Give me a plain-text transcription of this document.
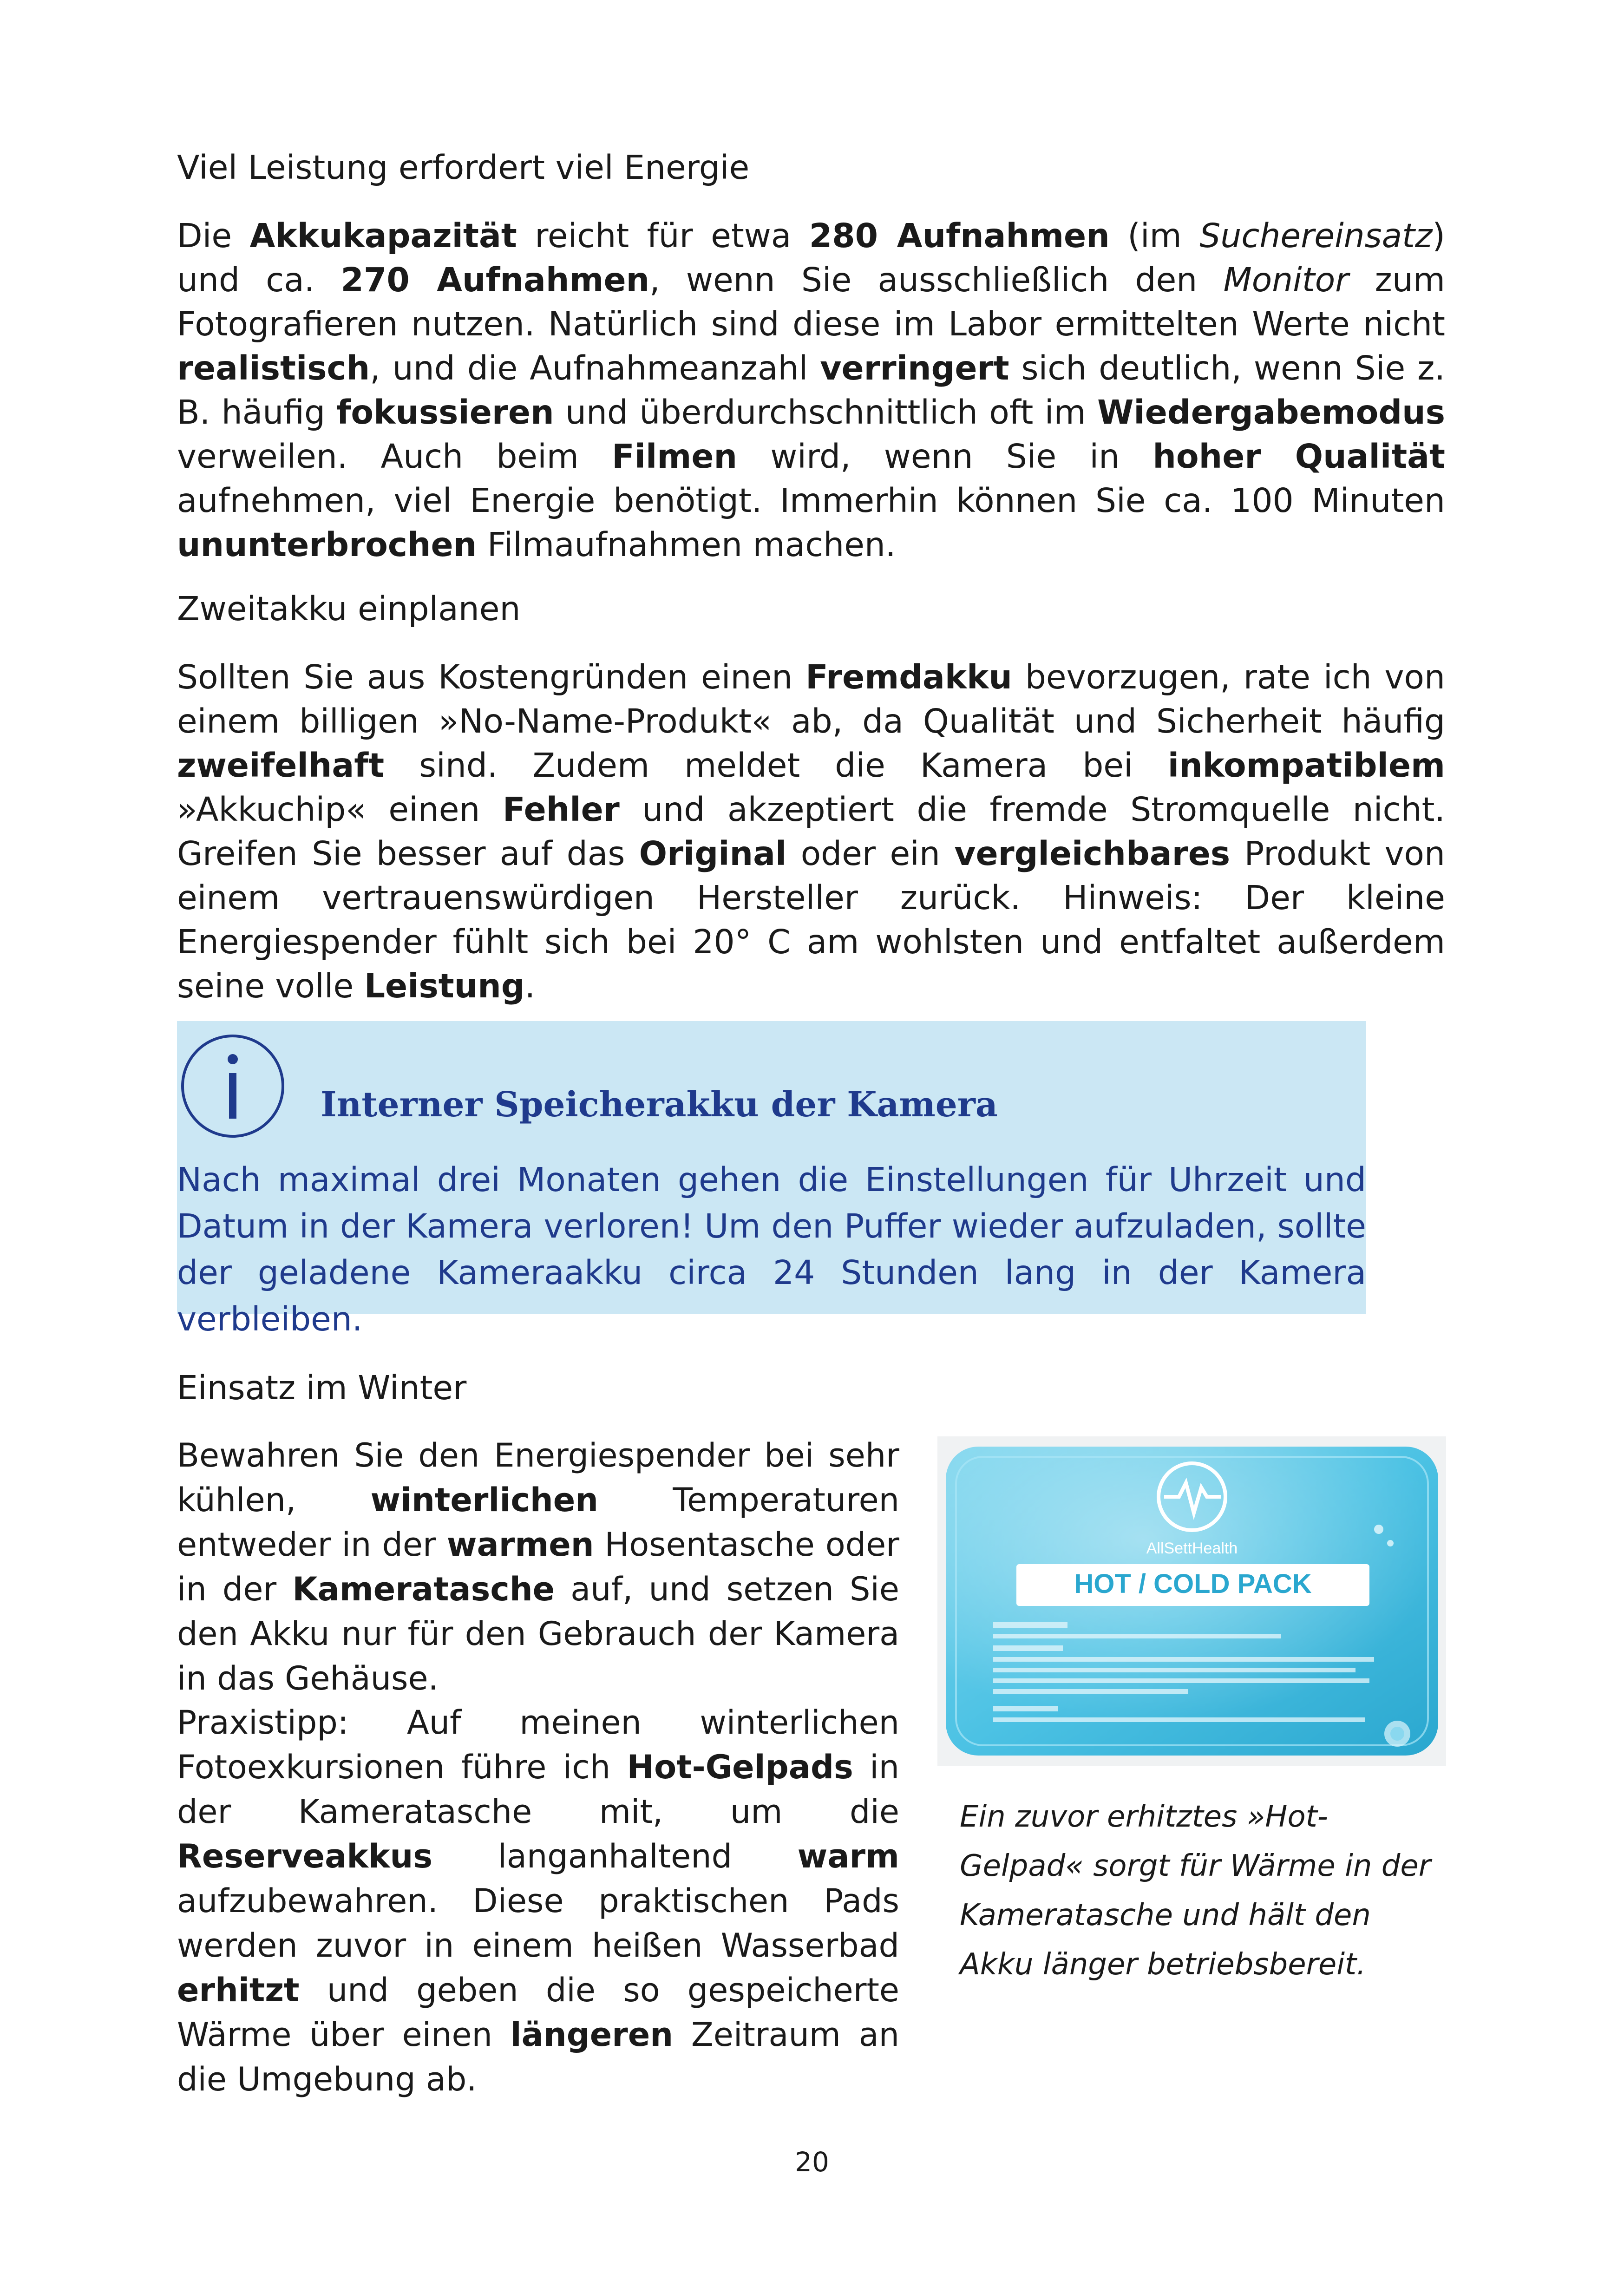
Viel Leistung erfordert viel Energie

Die Akkukapazität reicht für etwa 280 Aufnahmen (im Suchereinsatz) und ca. 270 Aufnahmen, wenn Sie ausschließlich den Monitor zum Fotografieren nutzen. Natürlich sind diese im Labor ermittelten Werte nicht realistisch, und die Aufnahmeanzahl verringert sich deutlich, wenn Sie z. B. häufig fokussieren und überdurchschnittlich oft im Wiedergabemodus verweilen. Auch beim Filmen wird, wenn Sie in hoher Qualität aufnehmen, viel Energie benötigt. Immerhin können Sie ca. 100 Minuten ununterbrochen Filmaufnahmen machen.

Zweitakku einplanen

Sollten Sie aus Kostengründen einen Fremdakku bevorzugen, rate ich von einem billigen »No-Name-Produkt« ab, da Qualität und Sicherheit häufig zweifelhaft sind. Zudem meldet die Kamera bei inkompatiblem »Akkuchip« einen Fehler und akzeptiert die fremde Stromquelle nicht. Greifen Sie besser auf das Original oder ein vergleichbares Produkt von einem vertrauenswürdigen Hersteller zurück. Hinweis: Der kleine Energiespender fühlt sich bei 20° C am wohlsten und entfaltet außerdem seine volle Leistung.

Interner Speicherakku der Kamera

Nach maximal drei Monaten gehen die Einstellungen für Uhrzeit und Datum in der Kamera verloren! Um den Puffer wieder aufzuladen, sollte der geladene Kameraakku circa 24 Stunden lang in der Kamera verbleiben.

Einsatz im Winter

Bewahren Sie den Energiespender bei sehr kühlen, winterlichen Temperaturen entweder in der warmen Hosentasche oder in der Kameratasche auf, und setzen Sie den Akku nur für den Gebrauch der Kamera in das Gehäuse.

Praxistipp: Auf meinen winterlichen Fotoexkursionen führe ich Hot-Gelpads in der Kameratasche mit, um die Reserveakkus langanhaltend warm aufzubewahren. Diese praktischen Pads werden zuvor in einem heißen Wasserbad erhitzt und geben die so gespeicherte Wärme über einen längeren Zeitraum an die Umgebung ab.

AllSettHealth
HOT / COLD PACK

Ein zuvor erhitztes »Hot-Gelpad« sorgt für Wärme in der Kameratasche und hält den Akku länger betriebsbereit.

20
